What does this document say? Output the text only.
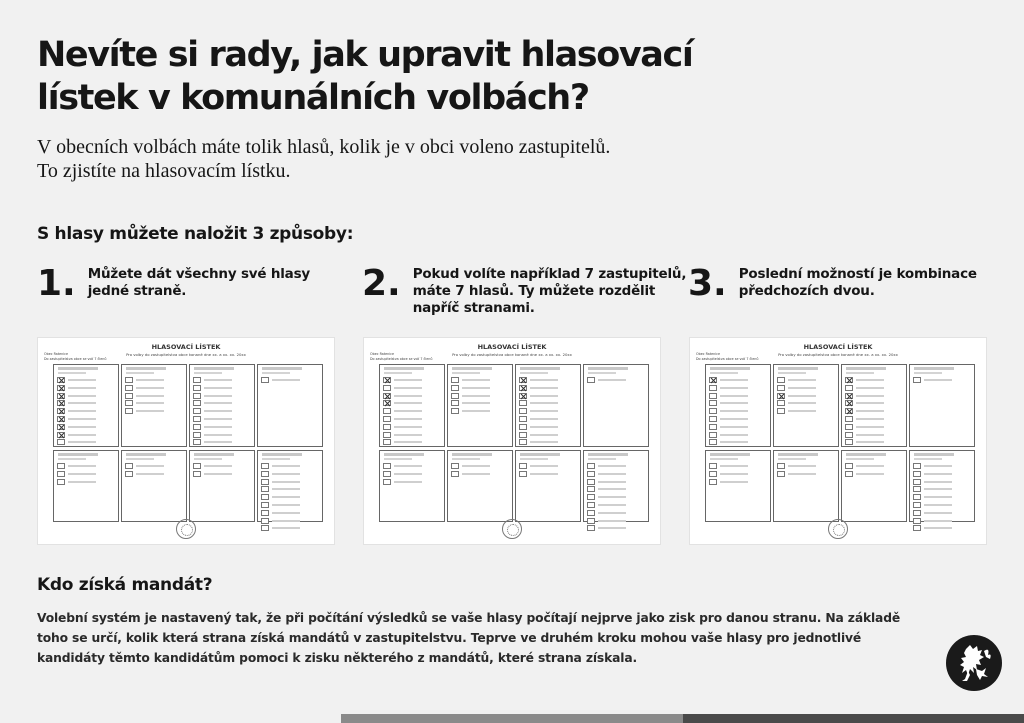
Nevíte si rady, jak upravit hlasovací
lístek v komunálních volbách?
V obecních volbách máte tolik hlasů, kolik je v obci voleno zastupitelů.
To zjistíte na hlasovacím lístku.
S hlasy můžete naložit 3 způsoby:
1. Můžete dát všechny své hlasy
jedné straně.	2. Pokud volíte například 7 zastupitelů,
máte 7 hlasů. Ty můžete rozdělit
napříč stranami.
3. Poslední možností je kombinace
předchozích dvou.
HLASOVACÍ LÍSTEK
Pro volby do zastupitelstva obce konané dne xx. a xx. xx. 20xx
Obec Ratenice
Do zastupitelstva obce se volí 7 členů
HLASOVACÍ LÍSTEK
Pro volby do zastupitelstva obce konané dne xx. a xx. xx. 20xx
Obec Ratenice
Do zastupitelstva obce se volí 7 členů
HLASOVACÍ LÍSTEK
Pro volby do zastupitelstva obce konané dne xx. a xx. xx. 20xx
Obec Ratenice
Do zastupitelstva obce se volí 7 členů
Kdo získá mandát?
Volební systém je nastavený tak, že při počítání výsledků se vaše hlasy počítají nejprve jako zisk pro danou stranu. Na základě
toho se určí, kolik která strana získá mandátů v zastupitelstvu. Teprve ve druhém kroku mohou vaše hlasy pro jednotlivé
kandidáty těmto kandidátům pomoci k zisku některého z mandátů, které strana získala.
